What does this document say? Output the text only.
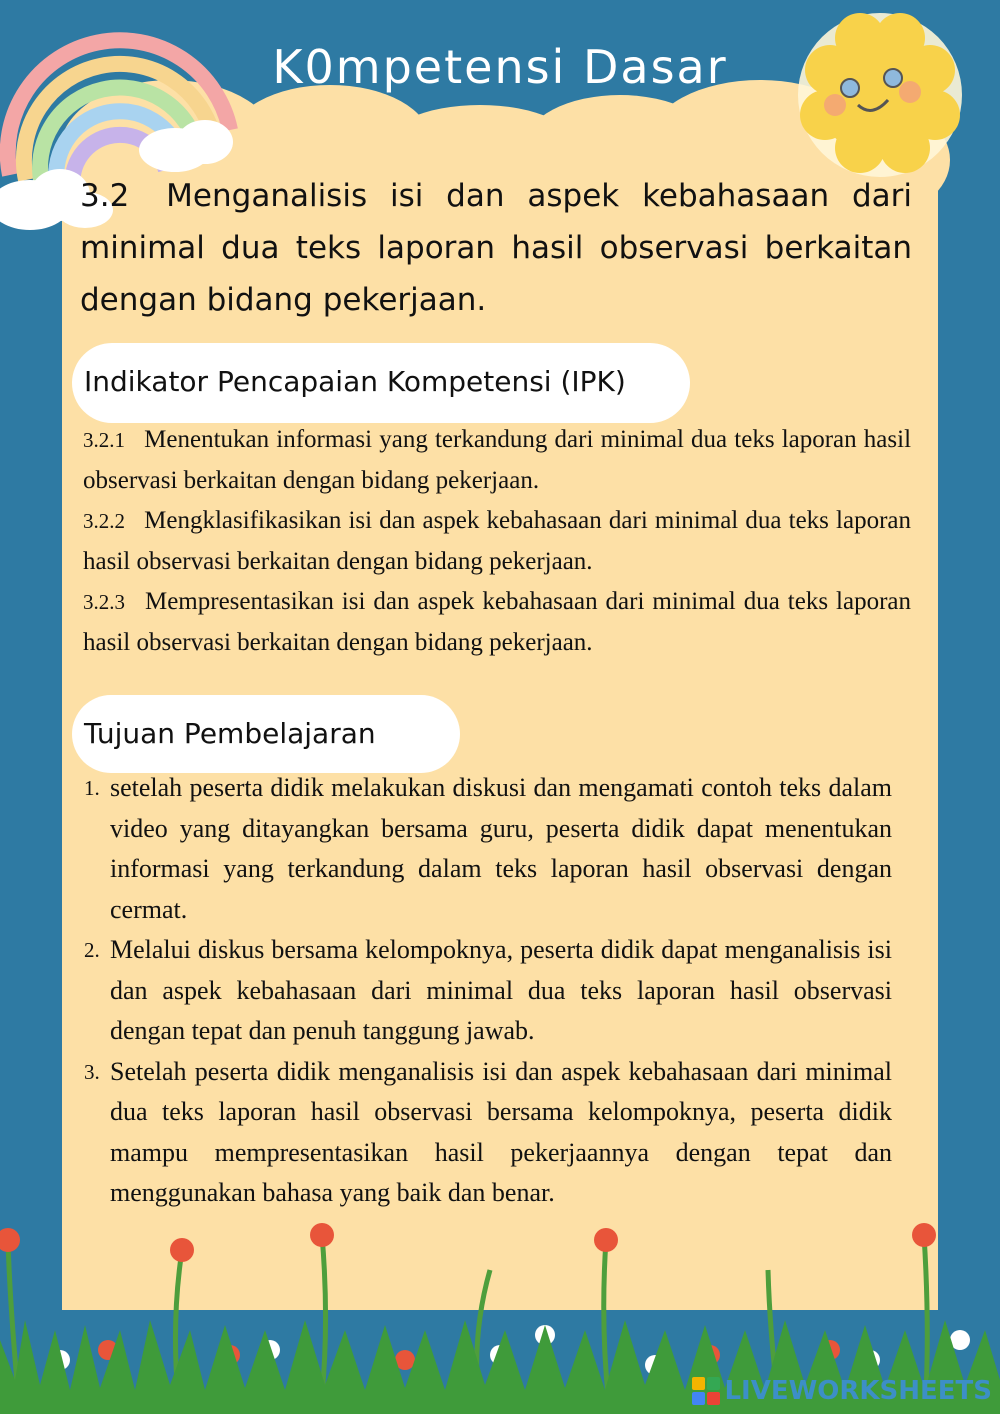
K0mpetensi Dasar
3.2 Menganalisis isi dan aspek kebahasaan dari minimal dua teks laporan hasil observasi berkaitan dengan bidang pekerjaan.
Indikator Pencapaian Kompetensi (IPK)
3.2.1 Menentukan informasi yang terkandung dari minimal dua teks laporan hasil observasi berkaitan dengan bidang pekerjaan.
3.2.2 Mengklasifikasikan isi dan aspek kebahasaan dari minimal dua teks laporan hasil observasi berkaitan dengan bidang pekerjaan.
3.2.3 Mempresentasikan isi dan aspek kebahasaan dari minimal dua teks laporan hasil observasi berkaitan dengan bidang pekerjaan.
Tujuan Pembelajaran
1. setelah peserta didik melakukan diskusi dan mengamati contoh teks dalam video yang ditayangkan bersama guru, peserta didik dapat menentukan informasi yang terkandung dalam teks laporan hasil observasi dengan cermat.
2. Melalui diskus bersama kelompoknya, peserta didik dapat menganalisis isi dan aspek kebahasaan dari minimal dua teks laporan hasil observasi dengan tepat dan penuh tanggung jawab.
3. Setelah peserta didik menganalisis isi dan aspek kebahasaan dari minimal dua teks laporan hasil observasi bersama kelompoknya, peserta didik mampu mempresentasikan hasil pekerjaannya dengan tepat dan menggunakan bahasa yang baik dan benar.
LIVEWORKSHEETS
